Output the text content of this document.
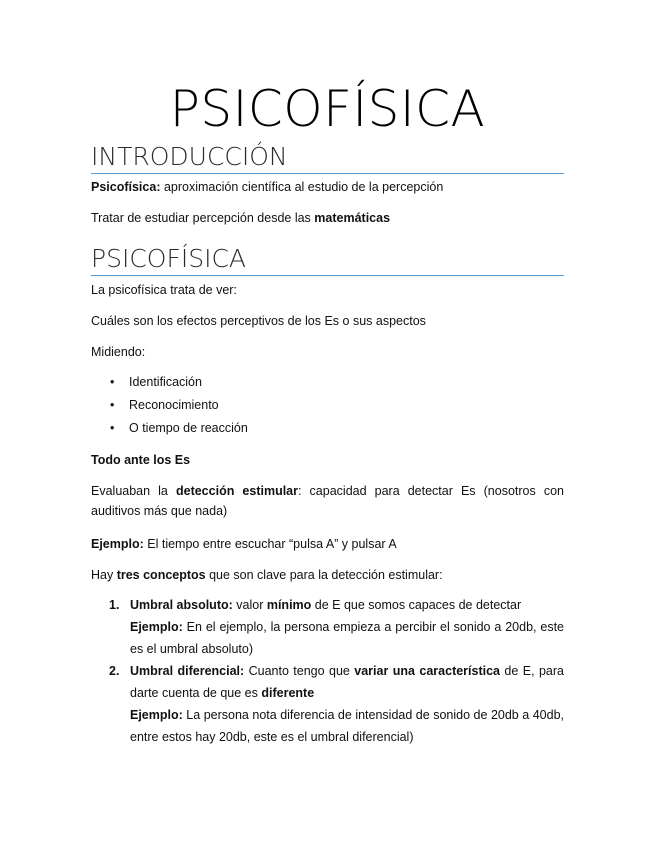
PSICOFÍSICA
INTRODUCCIÓN

Psicofísica: aproximación científica al estudio de la percepción

Tratar de estudiar percepción desde las matemáticas

PSICOFÍSICA

La psicofísica trata de ver:

Cuáles son los efectos perceptivos de los Es o sus aspectos

Midiendo:

• Identificación
• Reconocimiento
• O tiempo de reacción

Todo ante los Es

Evaluaban la detección estimular: capacidad para detectar Es (nosotros con auditivos más que nada)

Ejemplo: El tiempo entre escuchar “pulsa A” y pulsar A

Hay tres conceptos que son clave para la detección estimular:

1. Umbral absoluto: valor mínimo de E que somos capaces de detectar
Ejemplo: En el ejemplo, la persona empieza a percibir el sonido a 20db, este es el umbral absoluto)
2. Umbral diferencial: Cuanto tengo que variar una característica de E, para darte cuenta de que es diferente
Ejemplo: La persona nota diferencia de intensidad de sonido de 20db a 40db, entre estos hay 20db, este es el umbral diferencial)
